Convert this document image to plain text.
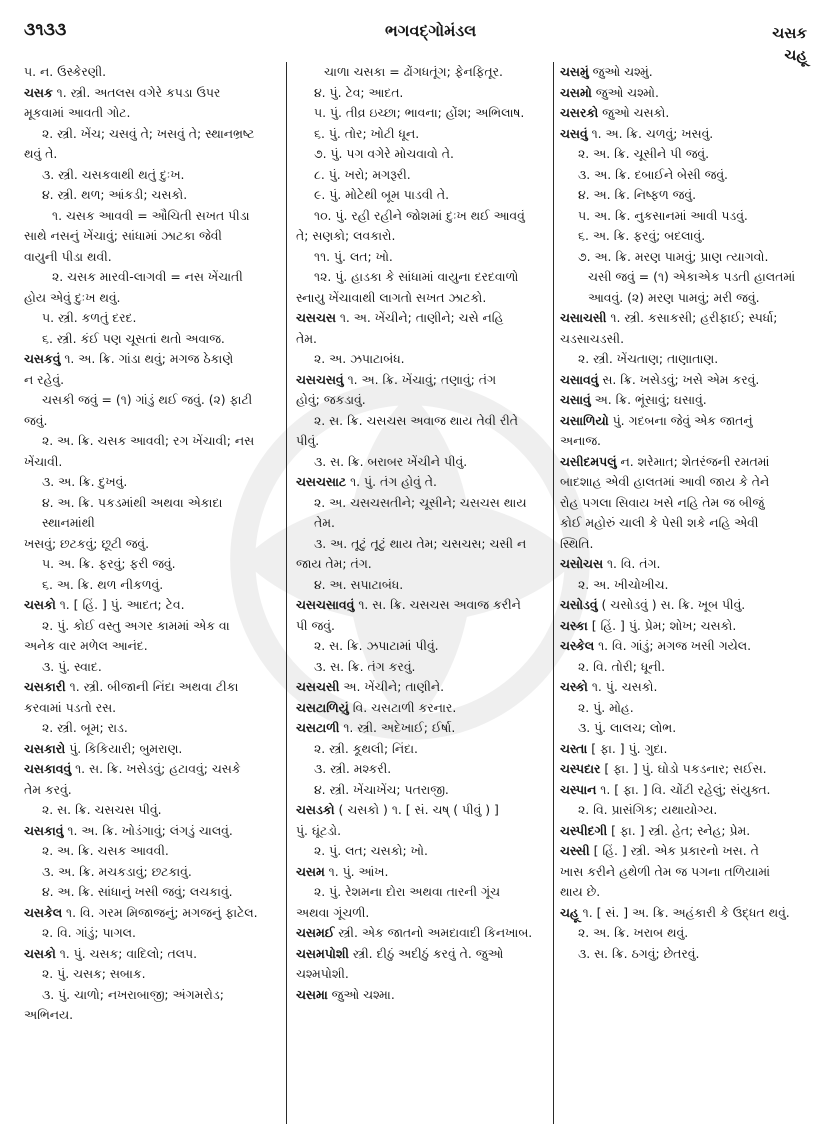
૩૧૩૩	ભગવદ્ગોમંડલ	ચસક
ચહૂ
૫. ન. ઉસ્કેરણી.
ચસક ૧. સ્ત્રી. અતલસ વગેરે કપડા ઉપર
મૂકવામાં આવતી ગોટ.
૨. સ્ત્રી. ખેંચ; ચસવું તે; ખસવું તે; સ્થાનભ્રષ્ટ
થવું તે.
૩. સ્ત્રી. ચસકવાથી થતું દુઃખ.
૪. સ્ત્રી. થળ; આંકડી; ચસકો.
૧. ચસક આવવી = ઔચિતી સખત પીડા
સાથે નસનું ખેંચાવું; સાંધામાં ઝાટકા જેવી
વાયુની પીડા થવી.
૨. ચસક મારવી-લાગવી = નસ ખેંચાતી
હોય એવું દુઃખ થવું.
૫. સ્ત્રી. કળતું દરદ.
૬. સ્ત્રી. કંઈ પણ ચૂસતાં થતો અવાજ.
ચસકવું ૧. અ. ક્રિ. ગાંડા થવું; મગજ ઠેકાણે
ન રહેવું.
ચસકી જવું = (૧) ગાંડું થઈ જવું. (૨) ફાટી
જવું.
૨. અ. ક્રિ. ચસક આવવી; રગ ખેંચાવી; નસ
ખેંચાવી.
૩. અ. ક્રિ. દુખવું.
૪. અ. ક્રિ. પકડમાંથી અથવા એકાદા સ્થાનમાંથી
ખસવું; છટકવું; છૂટી જવું.
૫. અ. ક્રિ. ફરવું; ફરી જવું.
૬. અ. ક્રિ. થળ નીકળવું.
ચસકો ૧. [ હિં. ] પું. આદત; ટેવ.
૨. પું. કોઈ વસ્તુ અગર કામમાં એક વા
અનેક વાર મળેલ આનંદ.
૩. પું. સ્વાદ.
ચસકારી ૧. સ્ત્રી. બીજાની નિંદા અથવા ટીકા
કરવામાં પડતો રસ.
૨. સ્ત્રી. બૂમ; રાડ.
ચસકારો પું. કિકિયારી; બુમરાણ.
ચસકાવવું ૧. સ. ક્રિ. ખસેડવું; હટાવવું; ચસકે
તેમ કરવું.
૨. સ. ક્રિ. ચસચસ પીવું.
ચસકાવું ૧. અ. ક્રિ. ખોડંગાવું; લંગડું ચાલવું.
૨. અ. ક્રિ. ચસક આવવી.
૩. અ. ક્રિ. મચકડાવું; છટકાવું.
૪. અ. ક્રિ. સાંધાનું ખસી જવું; લચકાવું.
ચસકેલ ૧. વિ. ગરમ મિજાજનું; મગજનું ફાટેલ.
૨. વિ. ગાંડું; પાગલ.
ચસકો ૧. પું. ચસક; વાદિલો; તલપ.
૨. પું. ચસક; સબાક.
૩. પું. ચાળો; નખરાબાજી; અંગમરોડ;
અભિનય.
ચાળા ચસકા = ઢોંગધતૂંગ; ફેનફિતૂર.
૪. પું. ટેવ; આદત.
૫. પું. તીવ્ર ઇચ્છા; ભાવના; હોંશ; અભિલાષ.
૬. પું. તોર; ખોટી ધૂન.
૭. પું. પગ વગેરે મોચવાવો તે.
૮. પું. ખરો; મગરૂરી.
૯. પું. મોટેથી બૂમ પાડવી તે.
૧૦. પું. રહી રહીને જોશમાં દુઃખ થઈ આવવું
તે; સણકો; લવકારો.
૧૧. પું. લત; ખો.
૧૨. પું. હાડકા કે સાંધામાં વાયુના દરદવાળો
સ્નાયુ ખેંચાવાથી લાગતો સખત ઝાટકો.
ચસચસ ૧. અ. ખેંચીને; તાણીને; ચસે નહિ
તેમ.
૨. અ. ઝપાટાબંધ.
ચસચસવું ૧. અ. ક્રિ. ખેંચાવું; તણાવું; તંગ
હોવું; જકડાવું.
૨. સ. ક્રિ. ચસચસ અવાજ થાય તેવી રીતે
પીવું.
૩. સ. ક્રિ. બરાબર ખેંચીને પીવું.
ચસચસાટ ૧. પું. તંગ હોવું તે.
૨. અ. ચસચસતીને; ચૂસીને; ચસચસ થાય તેમ.
૩. અ. તૂટું તૂટું થાય તેમ; ચસચસ; ચસી ન
જાય તેમ; તંગ.
૪. અ. સપાટાબંધ.
ચસચસાવવું ૧. સ. ક્રિ. ચસચસ અવાજ કરીને
પી જવું.
૨. સ. ક્રિ. ઝપાટામાં પીવું.
૩. સ. ક્રિ. તંગ કરવું.
ચસચસી અ. ખેંચીને; તાણીને.
ચસટાળિયું વિ. ચસટાળી કરનાર.
ચસટાળી ૧. સ્ત્રી. અદેખાઈ; ઈર્ષા.
૨. સ્ત્રી. કૂથલી; નિંદા.
૩. સ્ત્રી. મશ્કરી.
૪. સ્ત્રી. ખેંચાખેંચ; પતરાજી.
ચસડકો ( ચસકો ) ૧. [ સં. ચષ્ ( પીવું ) ]
પું. ઘૂંટડો.
૨. પું. લત; ચસકો; ખો.
ચસમ ૧. પું. આંખ.
૨. પું. રેશમના દોરા અથવા તારની ગૂંચ
અથવા ગૂંચળી.
ચસમઈ સ્ત્રી. એક જાતનો અમદાવાદી કિનખાબ.
ચસમપોશી સ્ત્રી. દીઠું અદીઠું કરવું તે. જુઓ
ચશ્મપોશી.
ચસમા જુઓ ચશ્મા.
ચસમું જુઓ ચશ્મું.
ચસમો જુઓ ચશ્મો.
ચસરકો જુઓ ચસકો.
ચસવું ૧. અ. ક્રિ. ચળવું; ખસવું.
૨. અ. ક્રિ. ચૂસીને પી જવું.
૩. અ. ક્રિ. દબાઈને બેસી જવું.
૪. અ. ક્રિ. નિષ્ફળ જવું.
૫. અ. ક્રિ. નુકસાનમાં આવી પડવું.
૬. અ. ક્રિ. ફરવું; બદલાવું.
૭. અ. ક્રિ. મરણ પામવું; પ્રાણ ત્યાગવો.
ચસી જવું = (૧) એકાએક પડતી હાલતમાં
આવવું. (૨) મરણ પામવું; મરી જવું.
ચસાચસી ૧. સ્ત્રી. કસાકસી; હરીફાઈ; સ્પર્ધા;
ચડસાચડસી.
૨. સ્ત્રી. ખેંચતાણ; તાણાતાણ.
ચસાવવું સ. ક્રિ. ખસેડવું; ખસે એમ કરવું.
ચસાવું અ. ક્રિ. ભૂંસાવું; ઘસાવું.
ચસાળિયો પું. ગદબના જેવું એક જાતનું
અનાજ.
ચસીદમપલું ન. શરેમાત; શેતરંજની રમતમાં
બાદશાહ એવી હાલતમાં આવી જાય કે તેને
રોહ પગલા સિવાય ખસે નહિ તેમ જ બીજું
કોઈ મહોરું ચાલી કે પેસી શકે નહિ એવી
સ્થિતિ.
ચસોચસ ૧. વિ. તંગ.
૨. અ. ખીચોખીચ.
ચસોડવું ( ચસોડવું ) સ. ક્રિ. ખૂબ પીવું.
ચસ્કા [ હિં. ] પું. પ્રેમ; શોખ; ચસકો.
ચસ્કેલ ૧. વિ. ગાંડું; મગજ ખસી ગયેલ.
૨. વિ. તોરી; ધૂની.
ચસ્કો ૧. પું. ચસકો.
૨. પું. મોહ.
૩. પું. લાલચ; લોભ.
ચસ્તા [ ફા. ] પું. ગુદા.
ચસ્પદાર [ ફા. ] પું. ઘોડો પકડનાર; સઈસ.
ચસ્પાન ૧. [ ફા. ] વિ. ચોંટી રહેલું; સંયુક્ત.
૨. વિ. પ્રાસંગિક; યથાયોગ્ય.
ચસ્પીદગી [ ફા. ] સ્ત્રી. હેત; સ્નેહ; પ્રેમ.
ચસ્સી [ હિં. ] સ્ત્રી. એક પ્રકારનો ખસ. તે
ખાસ કરીને હથેળી તેમ જ પગના તળિયામાં
થાય છે.
ચહૂ ૧. [ સં. ] અ. ક્રિ. અહંકારી કે ઉદ્ધત થવું.
૨. અ. ક્રિ. ખરાબ થવું.
૩. સ. ક્રિ. ઠગવું; છેતરવું.
